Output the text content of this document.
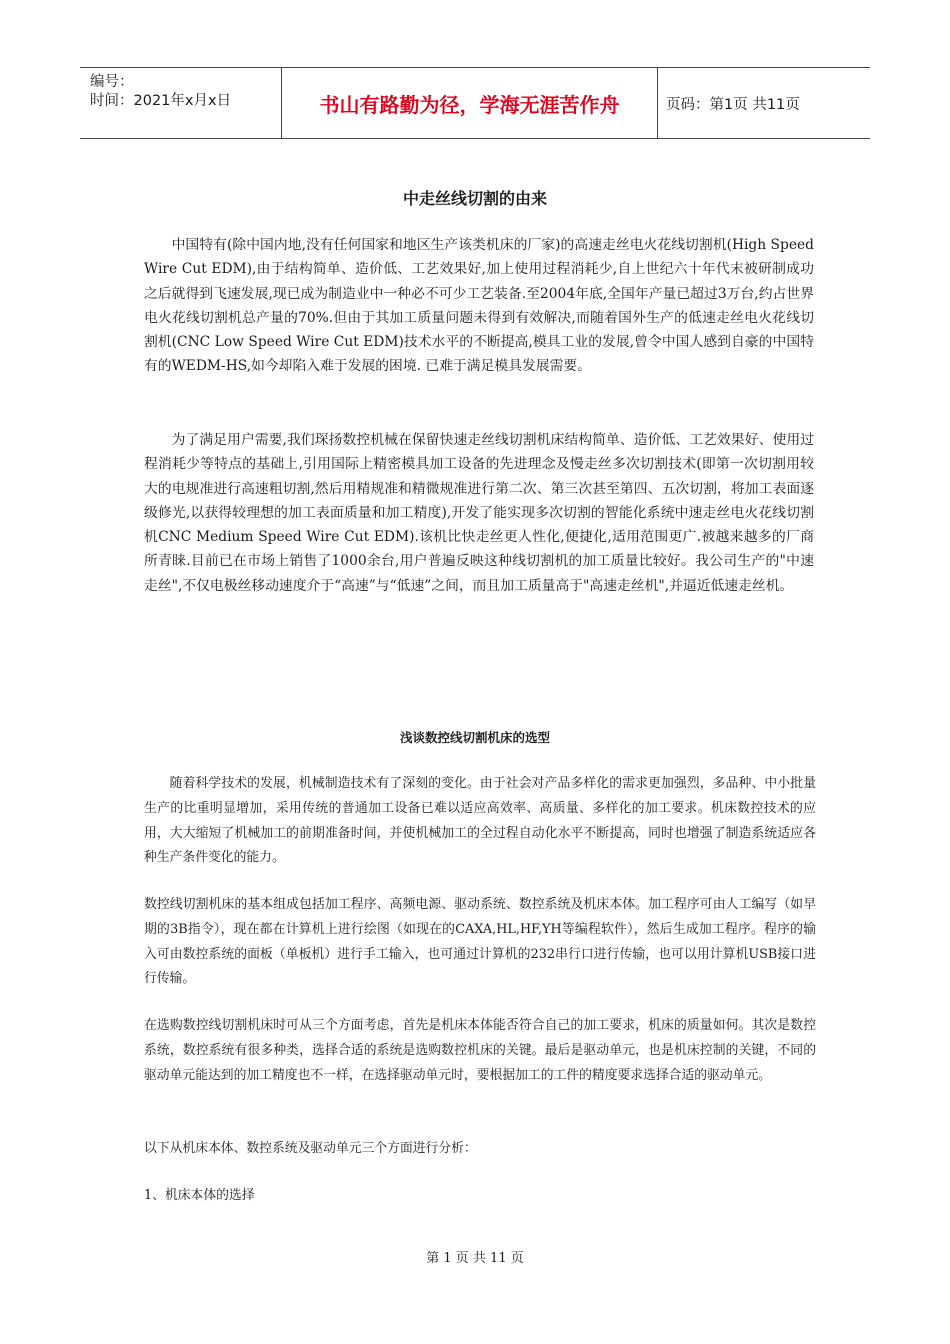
编号：
时间：2021年x月x日	书山有路勤为径，学海无涯苦作舟	页码：第1页 共11页
中走丝线切割的由来

中国特有(除中国内地,没有任何国家和地区生产该类机床的厂家)的高速走丝电火花线切割机(High Speed Wire Cut EDM),由于结构简单、造价低、工艺效果好,加上使用过程消耗少,自上世纪六十年代末被研制成功之后就得到飞速发展,现已成为制造业中一种必不可少工艺装备.至2004年底,全国年产量已超过3万台,约占世界电火花线切割机总产量的70%.但由于其加工质量问题未得到有效解决,而随着国外生产的低速走丝电火花线切割机(CNC Low Speed Wire Cut EDM)技术水平的不断提高,模具工业的发展,曾令中国人感到自豪的中国特有的WEDM-HS,如今却陷入难于发展的困境. 已难于满足模具发展需要。

为了满足用户需要,我们琛扬数控机械在保留快速走丝线切割机床结构简单、造价低、工艺效果好、使用过程消耗少等特点的基础上,引用国际上精密模具加工设备的先进理念及慢走丝多次切割技术(即第一次切割用较大的电规准进行高速粗切割,然后用精规准和精微规准进行第二次、第三次甚至第四、五次切割，将加工表面逐级修光,以获得较理想的加工表面质量和加工精度),开发了能实现多次切割的智能化系统中速走丝电火花线切割机CNC Medium Speed Wire Cut EDM).该机比快走丝更人性化,便捷化,适用范围更广.被越来越多的厂商所青睐.目前已在市场上销售了1000余台,用户普遍反映这种线切割机的加工质量比较好。我公司生产的"中速走丝",不仅电极丝移动速度介于“高速”与“低速”之间，而且加工质量高于"高速走丝机",并逼近低速走丝机。

浅谈数控线切割机床的选型

随着科学技术的发展，机械制造技术有了深刻的变化。由于社会对产品多样化的需求更加强烈，多品种、中小批量生产的比重明显增加，采用传统的普通加工设备已难以适应高效率、高质量、多样化的加工要求。机床数控技术的应用，大大缩短了机械加工的前期准备时间，并使机械加工的全过程自动化水平不断提高，同时也增强了制造系统适应各种生产条件变化的能力。

数控线切割机床的基本组成包括加工程序、高频电源、驱动系统、数控系统及机床本体。加工程序可由人工编写（如早期的3B指令），现在都在计算机上进行绘图（如现在的CAXA,HL,HF,YH等编程软件），然后生成加工程序。程序的输入可由数控系统的面板（单板机）进行手工输入，也可通过计算机的232串行口进行传输，也可以用计算机USB接口进行传输。

在选购数控线切割机床时可从三个方面考虑，首先是机床本体能否符合自己的加工要求，机床的质量如何。其次是数控系统，数控系统有很多种类，选择合适的系统是选购数控机床的关键。最后是驱动单元，也是机床控制的关键，不同的驱动单元能达到的加工精度也不一样，在选择驱动单元时，要根据加工的工件的精度要求选择合适的驱动单元。

以下从机床本体、数控系统及驱动单元三个方面进行分析：

1、机床本体的选择

第 1 页 共 11 页
